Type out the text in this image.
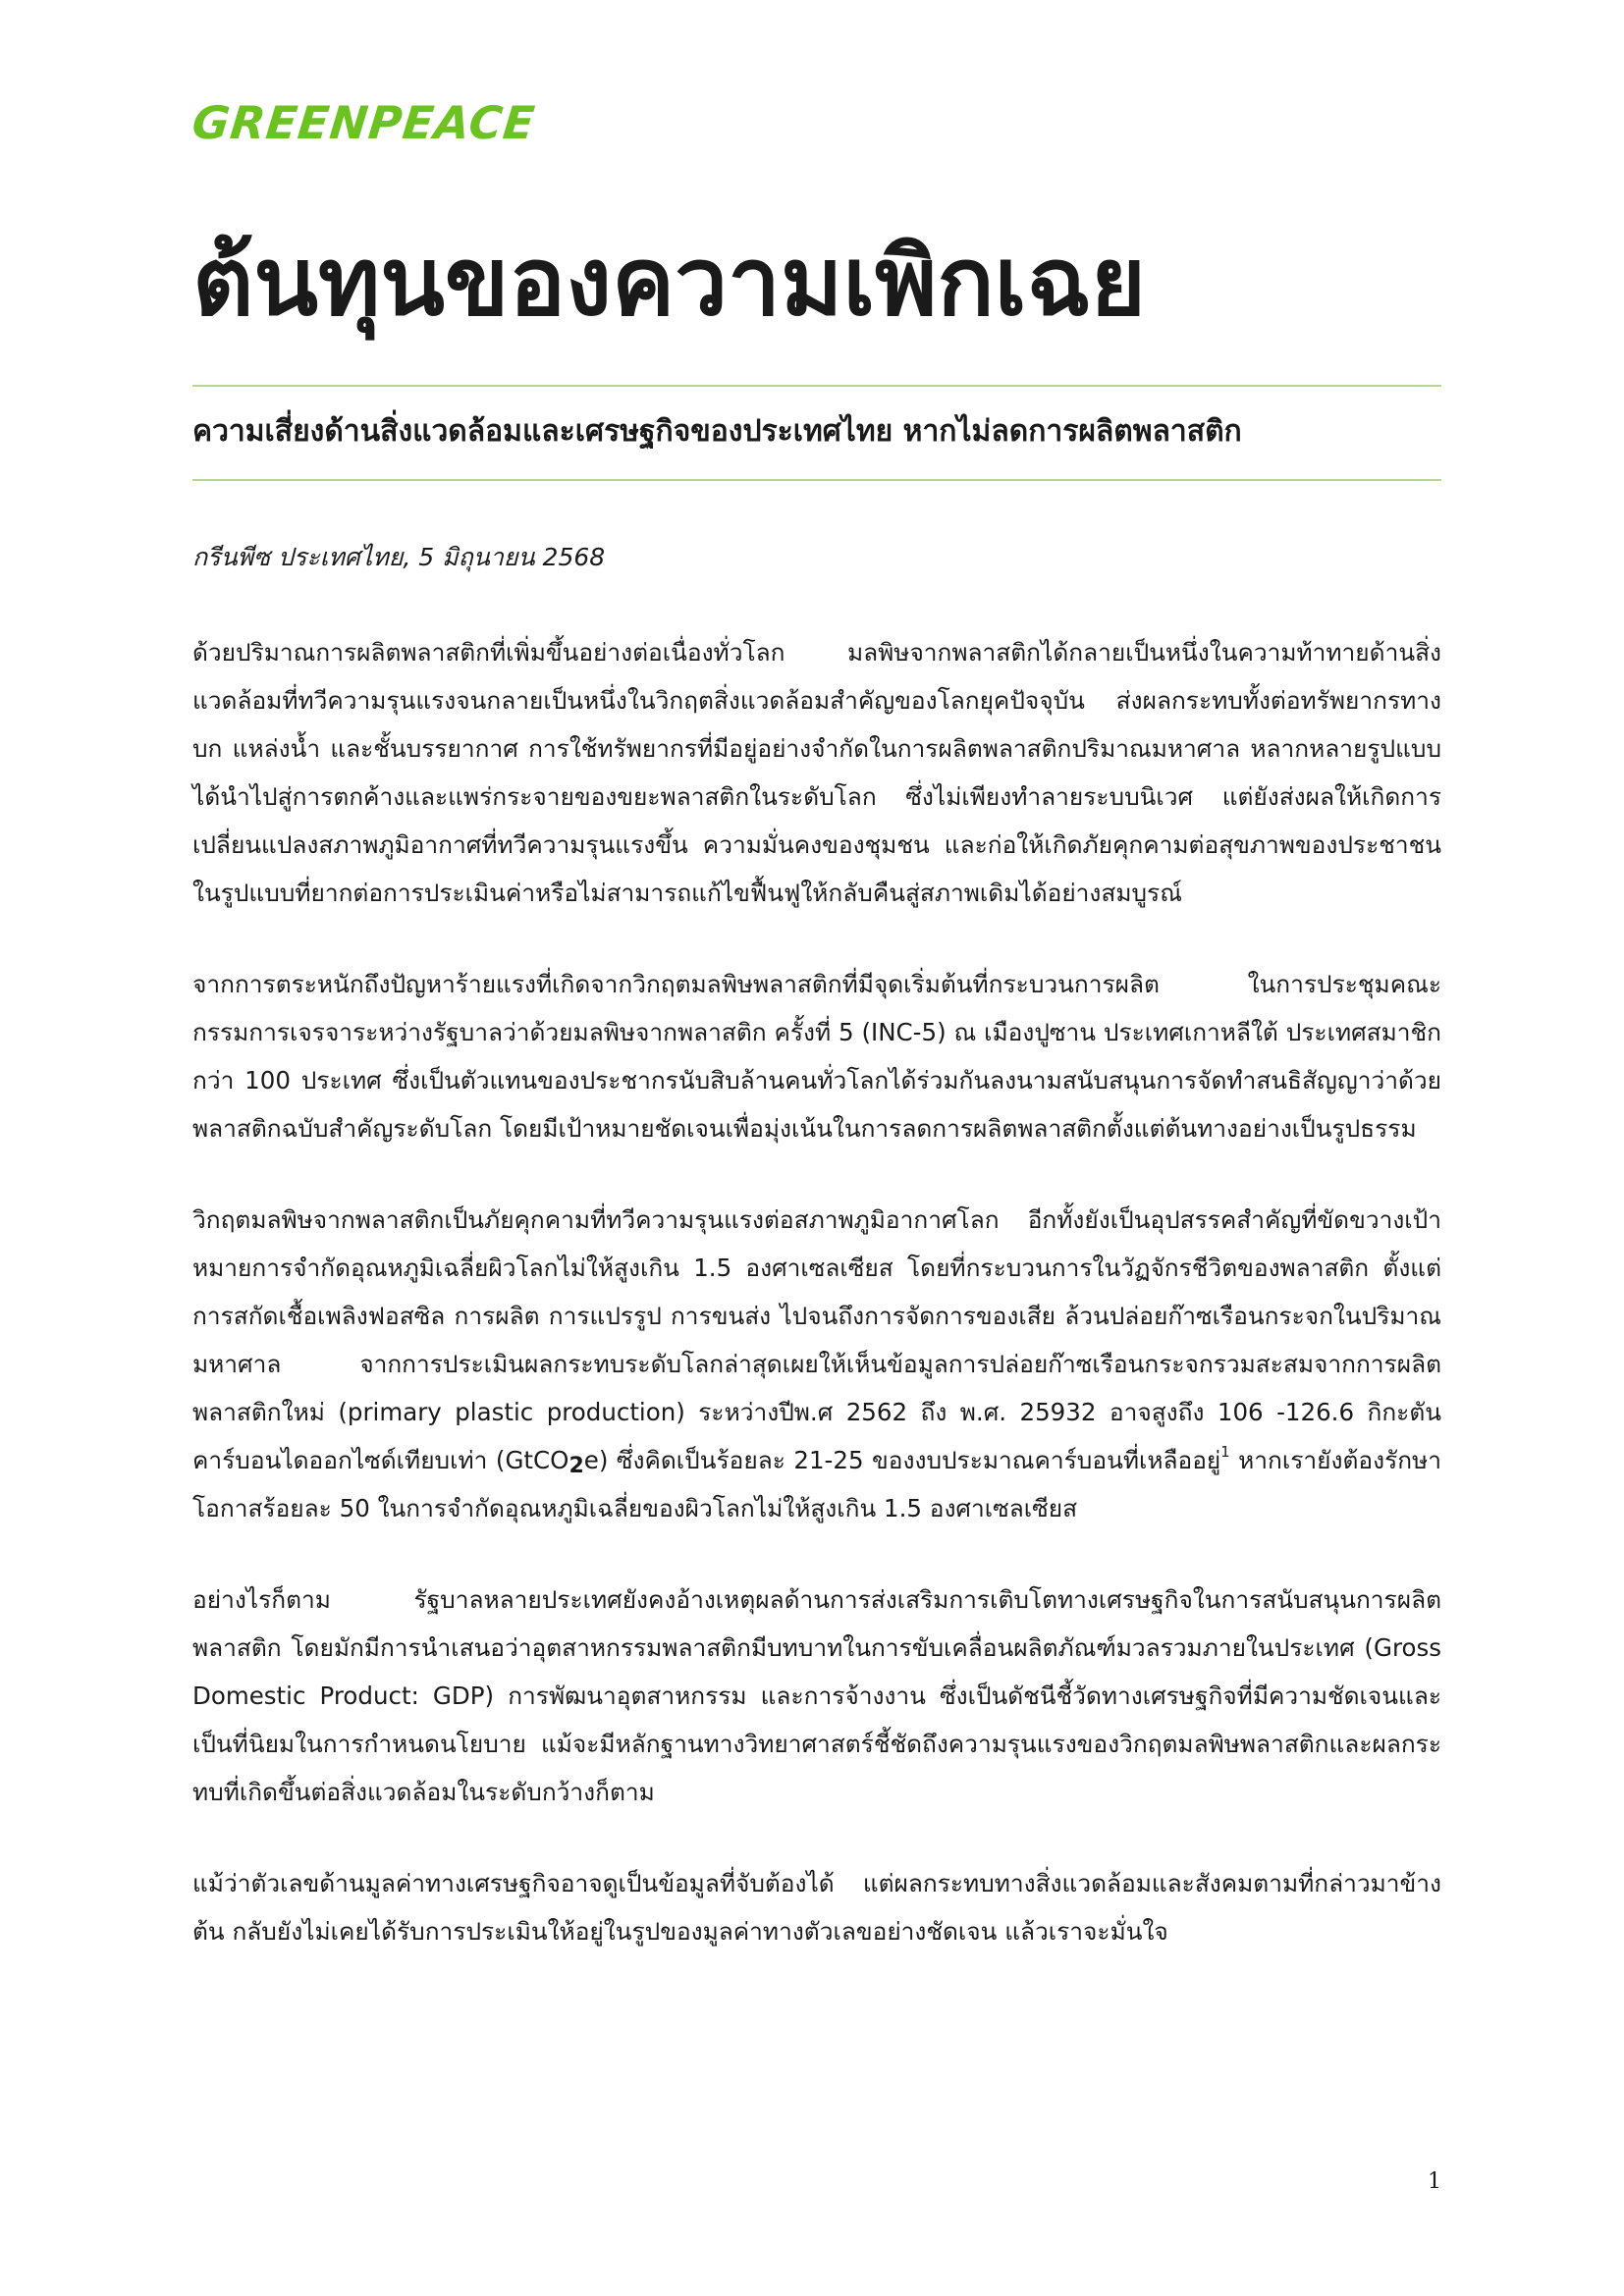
GREENPEACE
ต้นทุนของความเพิกเฉย
ความเสี่ยงด้านสิ่งแวดล้อมและเศรษฐกิจของประเทศไทย หากไม่ลดการผลิตพลาสติก
กรีนพีซ ประเทศไทย, 5 มิถุนายน 2568

ด้วยปริมาณการผลิตพลาสติกที่เพิ่มขึ้นอย่างต่อเนื่องทั่วโลก มลพิษจากพลาสติกได้กลายเป็นหนึ่งในความท้าทายด้านสิ่งแวดล้อมที่ทวีความรุนแรงจนกลายเป็นหนึ่งในวิกฤตสิ่งแวดล้อมสำคัญของโลกยุคปัจจุบัน ส่งผลกระทบทั้งต่อทรัพยากรทางบก แหล่งน้ำ และชั้นบรรยากาศ การใช้ทรัพยากรที่มีอยู่อย่างจำกัดในการผลิตพลาสติกปริมาณมหาศาล หลากหลายรูปแบบ ได้นำไปสู่การตกค้างและแพร่กระจายของขยะพลาสติกในระดับโลก ซึ่งไม่เพียงทำลายระบบนิเวศ แต่ยังส่งผลให้เกิดการเปลี่ยนแปลงสภาพภูมิอากาศที่ทวีความรุนแรงขึ้น ความมั่นคงของชุมชน และก่อให้เกิดภัยคุกคามต่อสุขภาพของประชาชนในรูปแบบที่ยากต่อการประเมินค่าหรือไม่สามารถแก้ไขฟื้นฟูให้กลับคืนสู่สภาพเดิมได้อย่างสมบูรณ์

จากการตระหนักถึงปัญหาร้ายแรงที่เกิดจากวิกฤตมลพิษพลาสติกที่มีจุดเริ่มต้นที่กระบวนการผลิต ในการประชุมคณะกรรมการเจรจาระหว่างรัฐบาลว่าด้วยมลพิษจากพลาสติก ครั้งที่ 5 (INC-5) ณ เมืองปูซาน ประเทศเกาหลีใต้ ประเทศสมาชิกกว่า 100 ประเทศ ซึ่งเป็นตัวแทนของประชากรนับสิบล้านคนทั่วโลกได้ร่วมกันลงนามสนับสนุนการจัดทำสนธิสัญญาว่าด้วยพลาสติกฉบับสำคัญระดับโลก โดยมีเป้าหมายชัดเจนเพื่อมุ่งเน้นในการลดการผลิตพลาสติกตั้งแต่ต้นทางอย่างเป็นรูปธรรม

วิกฤตมลพิษจากพลาสติกเป็นภัยคุกคามที่ทวีความรุนแรงต่อสภาพภูมิอากาศโลก อีกทั้งยังเป็นอุปสรรคสำคัญที่ขัดขวางเป้าหมายการจำกัดอุณหภูมิเฉลี่ยผิวโลกไม่ให้สูงเกิน 1.5 องศาเซลเซียส โดยที่กระบวนการในวัฏจักรชีวิตของพลาสติก ตั้งแต่การสกัดเชื้อเพลิงฟอสซิล การผลิต การแปรรูป การขนส่ง ไปจนถึงการจัดการของเสีย ล้วนปล่อยก๊าซเรือนกระจกในปริมาณมหาศาล จากการประเมินผลกระทบระดับโลกล่าสุดเผยให้เห็นข้อมูลการปล่อยก๊าซเรือนกระจกรวมสะสมจากการผลิตพลาสติกใหม่ (primary plastic production) ระหว่างปีพ.ศ 2562 ถึง พ.ศ. 25932 อาจสูงถึง 106 -126.6 กิกะตันคาร์บอนไดออกไซด์เทียบเท่า (GtCO$_2$e) ซึ่งคิดเป็นร้อยละ 21-25 ของงบประมาณคาร์บอนที่เหลืออยู่$^1$ หากเรายังต้องรักษาโอกาสร้อยละ 50 ในการจำกัดอุณหภูมิเฉลี่ยของผิวโลกไม่ให้สูงเกิน 1.5 องศาเซลเซียส

อย่างไรก็ตาม รัฐบาลหลายประเทศยังคงอ้างเหตุผลด้านการส่งเสริมการเติบโตทางเศรษฐกิจในการสนับสนุนการผลิตพลาสติก โดยมักมีการนำเสนอว่าอุตสาหกรรมพลาสติกมีบทบาทในการขับเคลื่อนผลิตภัณฑ์มวลรวมภายในประเทศ (Gross Domestic Product: GDP) การพัฒนาอุตสาหกรรม และการจ้างงาน ซึ่งเป็นดัชนีชี้วัดทางเศรษฐกิจที่มีความชัดเจนและเป็นที่นิยมในการกำหนดนโยบาย แม้จะมีหลักฐานทางวิทยาศาสตร์ชี้ชัดถึงความรุนแรงของวิกฤตมลพิษพลาสติกและผลกระทบที่เกิดขึ้นต่อสิ่งแวดล้อมในระดับกว้างก็ตาม

แม้ว่าตัวเลขด้านมูลค่าทางเศรษฐกิจอาจดูเป็นข้อมูลที่จับต้องได้ แต่ผลกระทบทางสิ่งแวดล้อมและสังคมตามที่กล่าวมาข้างต้น กลับยังไม่เคยได้รับการประเมินให้อยู่ในรูปของมูลค่าทางตัวเลขอย่างชัดเจน แล้วเราจะมั่นใจ

1
